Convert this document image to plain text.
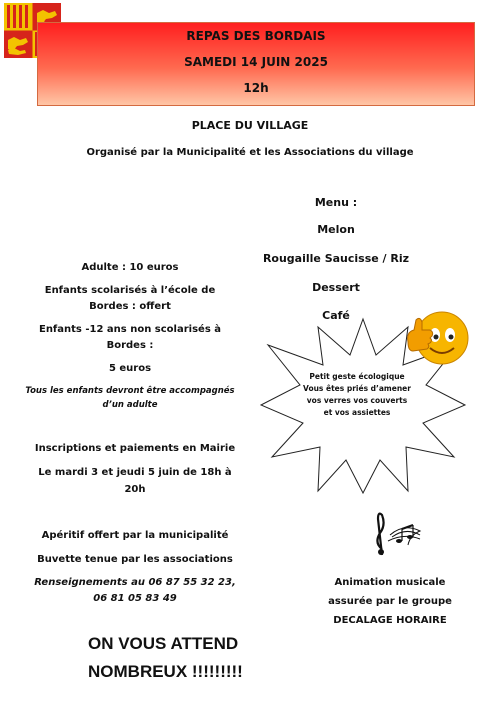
REPAS DES BORDAIS
SAMEDI 14 JUIN 2025
12h
PLACE DU VILLAGE
Organisé par la Municipalité et les Associations du village
Menu :
Melon
Rougaille Saucisse / Riz
Dessert
Café
Adulte : 10 euros
Enfants scolarisés à l’école de
Bordes : offert
Enfants -12 ans non scolarisés à
Bordes :
5 euros
Tous les enfants devront être accompagnés
d’un adulte
Petit geste écologique
Vous êtes priés d’amener
vos verres vos couverts
et vos assiettes
Inscriptions et paiements en Mairie
Le mardi 3 et jeudi 5 juin de 18h à
20h
Apéritif offert par la municipalité
Buvette tenue par les associations
Renseignements au 06 87 55 32 23,
06 81 05 83 49
Animation musicale
assurée par le groupe
DECALAGE HORAIRE
ON VOUS ATTEND
NOMBREUX !!!!!!!!!
